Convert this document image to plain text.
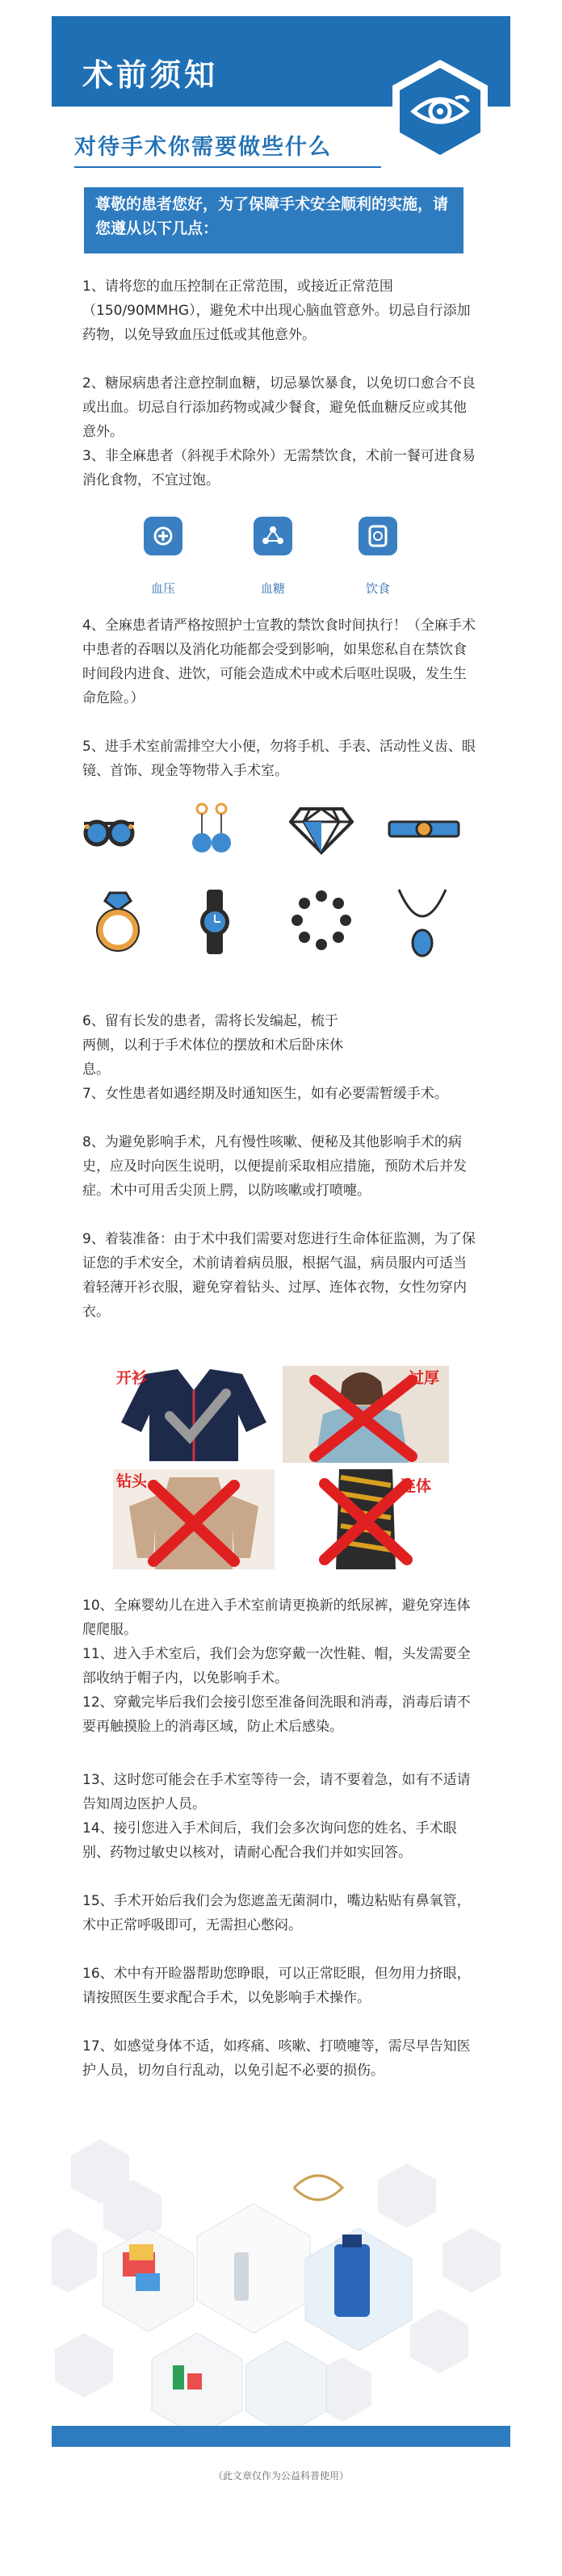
术前须知
对待手术你需要做些什么
尊敬的患者您好，为了保障手术安全顺利的实施，请您遵从以下几点：
1、请将您的血压控制在正常范围，或接近正常范围（150/90MMHG），避免术中出现心脑血管意外。切忌自行添加药物，以免导致血压过低或其他意外。
2、糖尿病患者注意控制血糖，切忌暴饮暴食，以免切口愈合不良或出血。切忌自行添加药物或减少餐食，避免低血糖反应或其他意外。
3、非全麻患者（斜视手术除外）无需禁饮食，术前一餐可进食易消化食物，不宜过饱。
血压	血糖	饮食
4、全麻患者请严格按照护士宣教的禁饮食时间执行！（全麻手术中患者的吞咽以及消化功能都会受到影响，如果您私自在禁饮食时间段内进食、进饮，可能会造成术中或术后呕吐误吸，发生生命危险。）
5、进手术室前需排空大小便，勿将手机、手表、活动性义齿、眼镜、首饰、现金等物带入手术室。
6、留有长发的患者，需将长发编起，梳于两侧，以利于手术体位的摆放和术后卧床休息。
7、女性患者如遇经期及时通知医生，如有必要需暂缓手术。
8、为避免影响手术，凡有慢性咳嗽、便秘及其他影响手术的病史，应及时向医生说明，以便提前采取相应措施，预防术后并发症。术中可用舌尖顶上腭，以防咳嗽或打喷嚏。
9、着装准备：由于术中我们需要对您进行生命体征监测，为了保证您的手术安全，术前请着病员服，根据气温，病员服内可适当着轻薄开衫衣服，避免穿着钻头、过厚、连体衣物，女性勿穿内衣。
开衫	过厚
钻头	连体
10、全麻婴幼儿在进入手术室前请更换新的纸尿裤，避免穿连体爬爬服。
11、进入手术室后，我们会为您穿戴一次性鞋、帽，头发需要全部收纳于帽子内，以免影响手术。
12、穿戴完毕后我们会接引您至准备间洗眼和消毒，消毒后请不要再触摸脸上的消毒区域，防止术后感染。
13、这时您可能会在手术室等待一会，请不要着急，如有不适请告知周边医护人员。
14、接引您进入手术间后，我们会多次询问您的姓名、手术眼别、药物过敏史以核对，请耐心配合我们并如实回答。
15、手术开始后我们会为您遮盖无菌洞巾，嘴边粘贴有鼻氧管，术中正常呼吸即可，无需担心憋闷。
16、术中有开睑器帮助您睁眼，可以正常眨眼，但勿用力挤眼，请按照医生要求配合手术，以免影响手术操作。
17、如感觉身体不适，如疼痛、咳嗽、打喷嚏等，需尽早告知医护人员，切勿自行乱动，以免引起不必要的损伤。
（此文章仅作为公益科普使用）
